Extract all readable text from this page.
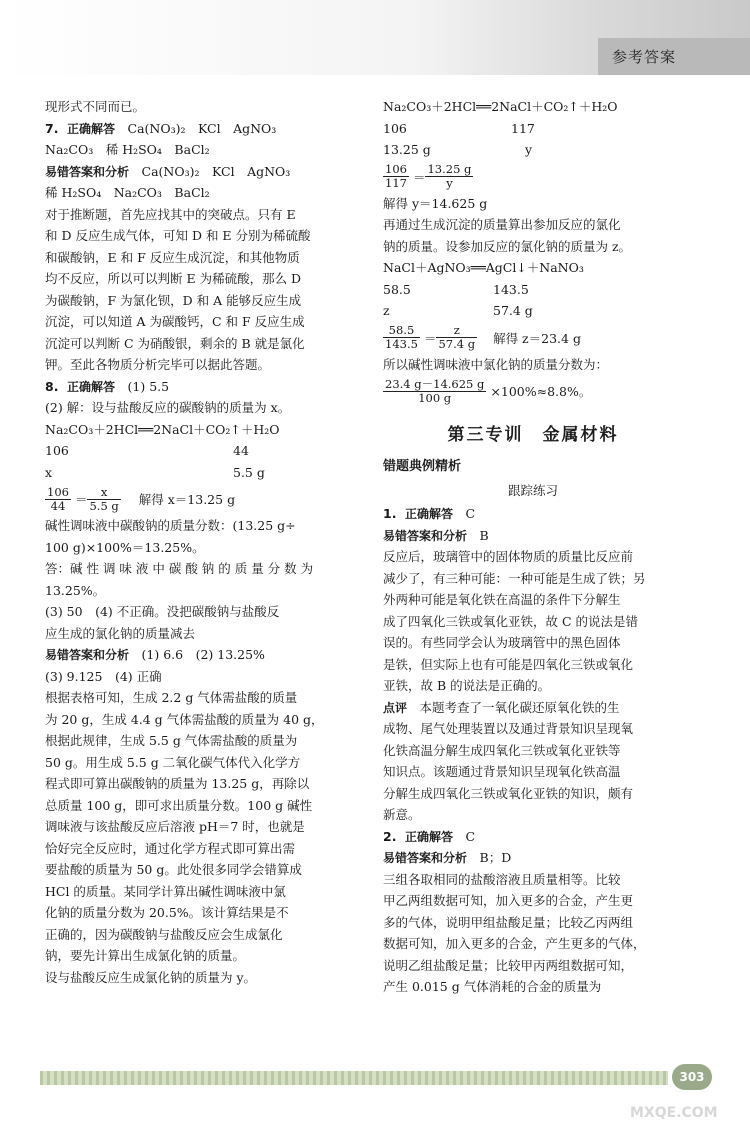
参考答案
现形式不同而已。
7. 正确解答　 Ca(NO₃)₂　KCl　AgNO₃
Na₂CO₃　稀 H₂SO₄　BaCl₂
易错答案和分析　 Ca(NO₃)₂　KCl　AgNO₃
稀 H₂SO₄　Na₂CO₃　BaCl₂
对于推断题，首先应找其中的突破点。只有 E
和 D 反应生成气体，可知 D 和 E 分别为稀硫酸
和碳酸钠，E 和 F 反应生成沉淀，和其他物质
均不反应，所以可以判断 E 为稀硫酸，那么 D
为碳酸钠，F 为氯化钡，D 和 A 能够反应生成
沉淀，可以知道 A 为碳酸钙，C 和 F 反应生成
沉淀可以判断 C 为硝酸银，剩余的 B 就是氯化
钾。至此各物质分析完毕可以据此答题。
8. 正确解答　 (1) 5.5
(2) 解：设与盐酸反应的碳酸钠的质量为 x。
Na₂CO₃＋2HCl══2NaCl＋CO₂↑＋H₂O
106	44
x	5.5 g
$\frac{106}{44} = \frac{x}{5.5 g}$ 解得 x＝13.25 g
碱性调味液中碳酸钠的质量分数：(13.25 g÷
100 g)×100%＝13.25%。
答：碱 性 调 味 液 中 碳 酸 钠 的 质 量 分 数 为
13.25%。
(3) 50　(4) 不正确。没把碳酸钠与盐酸反
应生成的氯化钠的质量减去
易错答案和分析　 (1) 6.6　(2) 13.25%
(3) 9.125　(4) 正确
根据表格可知，生成 2.2 g 气体需盐酸的质量
为 20 g，生成 4.4 g 气体需盐酸的质量为 40 g，
根据此规律，生成 5.5 g 气体需盐酸的质量为
50 g。用生成 5.5 g 二氧化碳气体代入化学方
程式即可算出碳酸钠的质量为 13.25 g，再除以
总质量 100 g，即可求出质量分数。100 g 碱性
调味液与该盐酸反应后溶液 pH＝7 时，也就是
恰好完全反应时，通过化学方程式即可算出需
要盐酸的质量为 50 g。此处很多同学会错算成
HCl 的质量。某同学计算出碱性调味液中氯
化钠的质量分数为 20.5%。该计算结果是不
正确的，因为碳酸钠与盐酸反应会生成氯化
钠，要先计算出生成氯化钠的质量。
设与盐酸反应生成氯化钠的质量为 y。
Na₂CO₃＋2HCl══2NaCl＋CO₂↑＋H₂O
106	117
13.25 g	y
$\frac{106}{117} = \frac{13.25 g}{y}$
解得 y＝14.625 g
再通过生成沉淀的质量算出参加反应的氯化
钠的质量。设参加反应的氯化钠的质量为 z。
NaCl＋AgNO₃══AgCl↓＋NaNO₃
58.5	143.5
z	57.4 g
$\frac{58.5}{143.5} = \frac{z}{57.4 g}$ 解得 z＝23.4 g
所以碱性调味液中氯化钠的质量分数为：
$\frac{23.4 g-14.625 g}{100 g} \times 100\%\approx 8.8\%$。
第三专训　金属材料
错题典例精析
跟踪练习
1. 正确解答　 C
易错答案和分析　 B
反应后，玻璃管中的固体物质的质量比反应前
减少了，有三种可能：一种可能是生成了铁；另
外两种可能是氧化铁在高温的条件下分解生
成了四氧化三铁或氧化亚铁，故 C 的说法是错
误的。有些同学会认为玻璃管中的黑色固体
是铁，但实际上也有可能是四氧化三铁或氧化
亚铁，故 B 的说法是正确的。
点评　 本题考查了一氧化碳还原氧化铁的生
成物、尾气处理装置以及通过背景知识呈现氧
化铁高温分解生成四氧化三铁或氧化亚铁等
知识点。该题通过背景知识呈现氧化铁高温
分解生成四氧化三铁或氧化亚铁的知识，颇有
新意。
2. 正确解答　 C
易错答案和分析　 B；D
三组各取相同的盐酸溶液且质量相等。比较
甲乙两组数据可知，加入更多的合金，产生更
多的气体，说明甲组盐酸足量；比较乙丙两组
数据可知，加入更多的合金，产生更多的气体，
说明乙组盐酸足量；比较甲丙两组数据可知，
产生 0.015 g 气体消耗的合金的质量为
303
MXQE.COM
